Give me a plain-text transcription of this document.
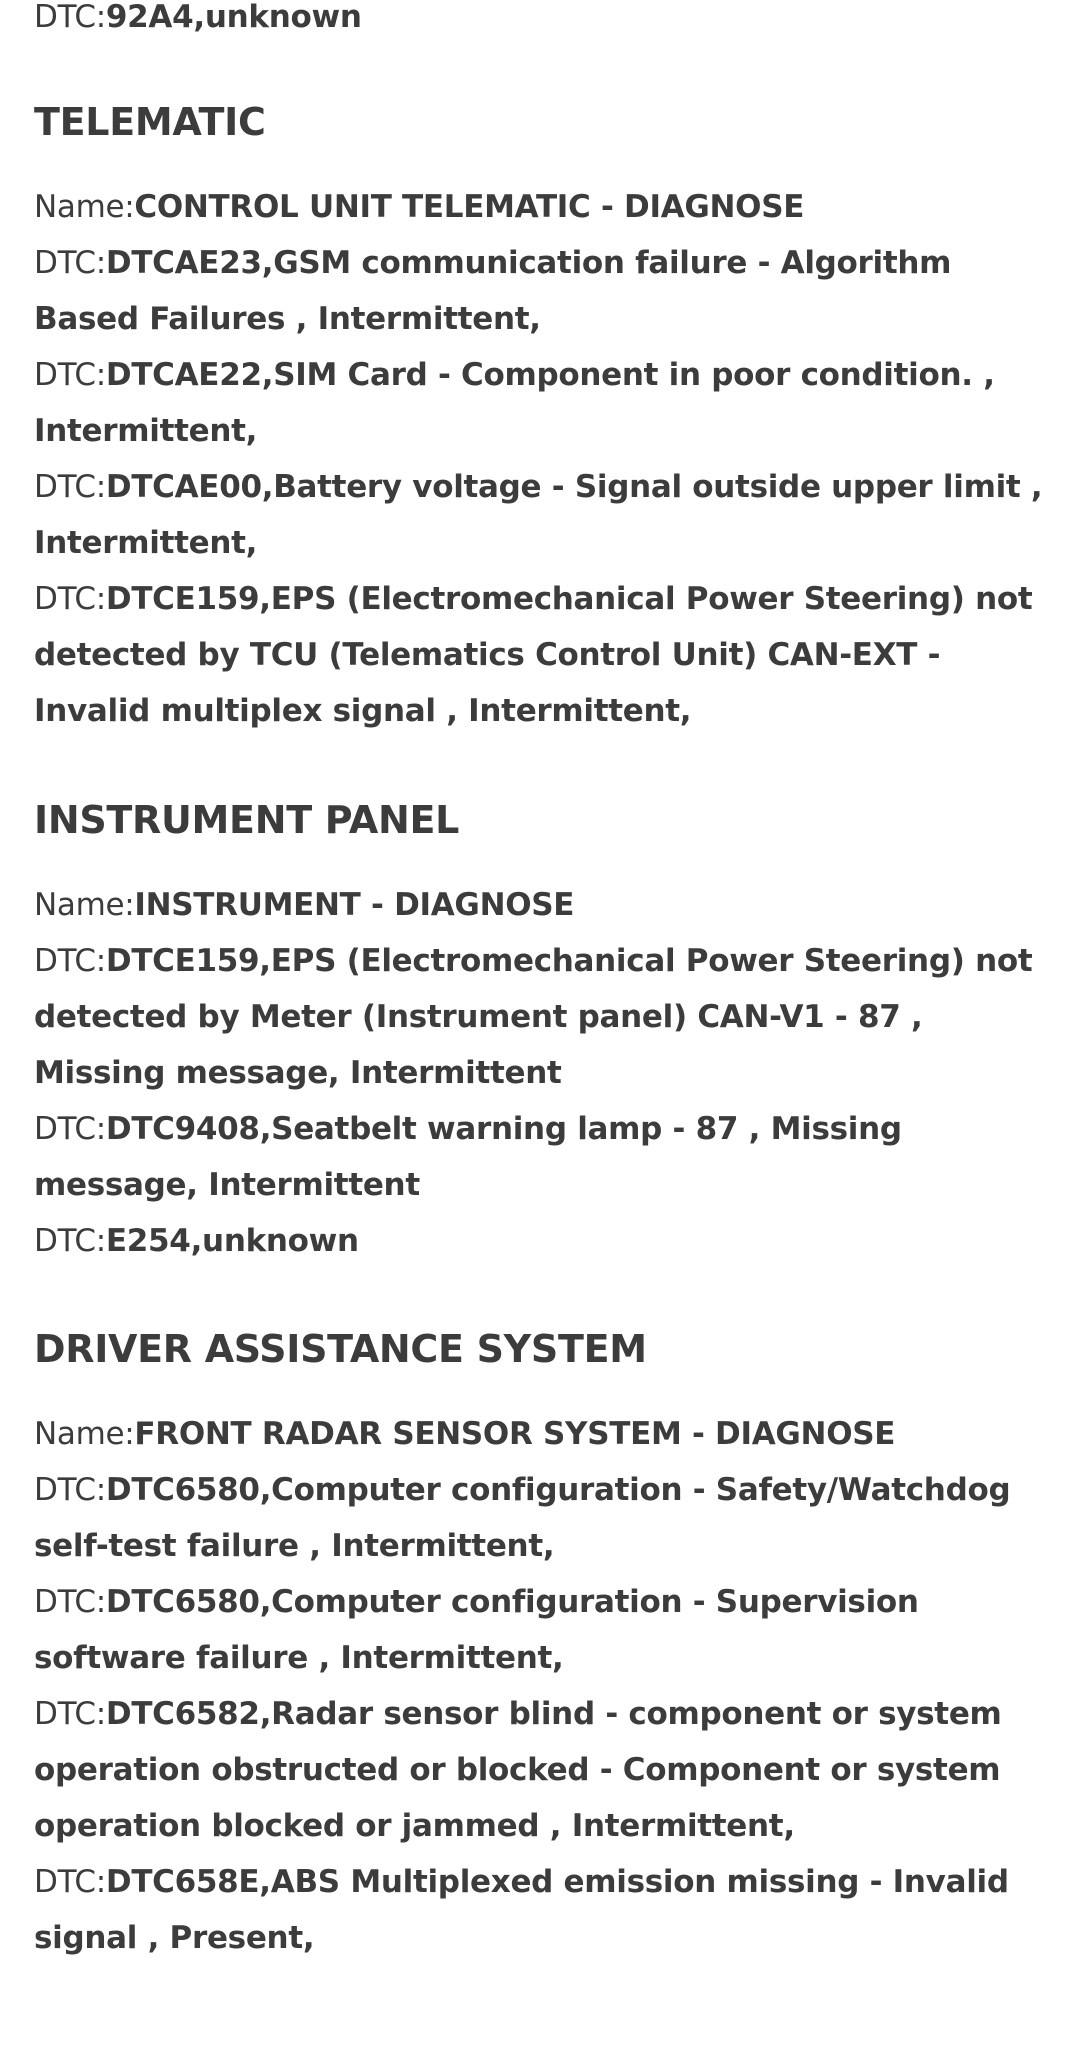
DTC:92A4,unknown

TELEMATIC

Name:CONTROL UNIT TELEMATIC - DIAGNOSE

DTC:DTCAE23,GSM communication failure - Algorithm Based Failures , Intermittent,

DTC:DTCAE22,SIM Card - Component in poor condition. , Intermittent,

DTC:DTCAE00,Battery voltage - Signal outside upper limit , Intermittent,

DTC:DTCE159,EPS (Electromechanical Power Steering) not detected by TCU (Telematics Control Unit) CAN-EXT - Invalid multiplex signal , Intermittent,

INSTRUMENT PANEL

Name:INSTRUMENT - DIAGNOSE

DTC:DTCE159,EPS (Electromechanical Power Steering) not detected by Meter (Instrument panel) CAN-V1 - 87 , Missing message, Intermittent

DTC:DTC9408,Seatbelt warning lamp - 87 , Missing message, Intermittent

DTC:E254,unknown

DRIVER ASSISTANCE SYSTEM

Name:FRONT RADAR SENSOR SYSTEM - DIAGNOSE

DTC:DTC6580,Computer configuration - Safety/Watchdog self-test failure , Intermittent,

DTC:DTC6580,Computer configuration - Supervision software failure , Intermittent,

DTC:DTC6582,Radar sensor blind - component or system operation obstructed or blocked - Component or system operation blocked or jammed , Intermittent,

DTC:DTC658E,ABS Multiplexed emission missing - Invalid signal , Present,
